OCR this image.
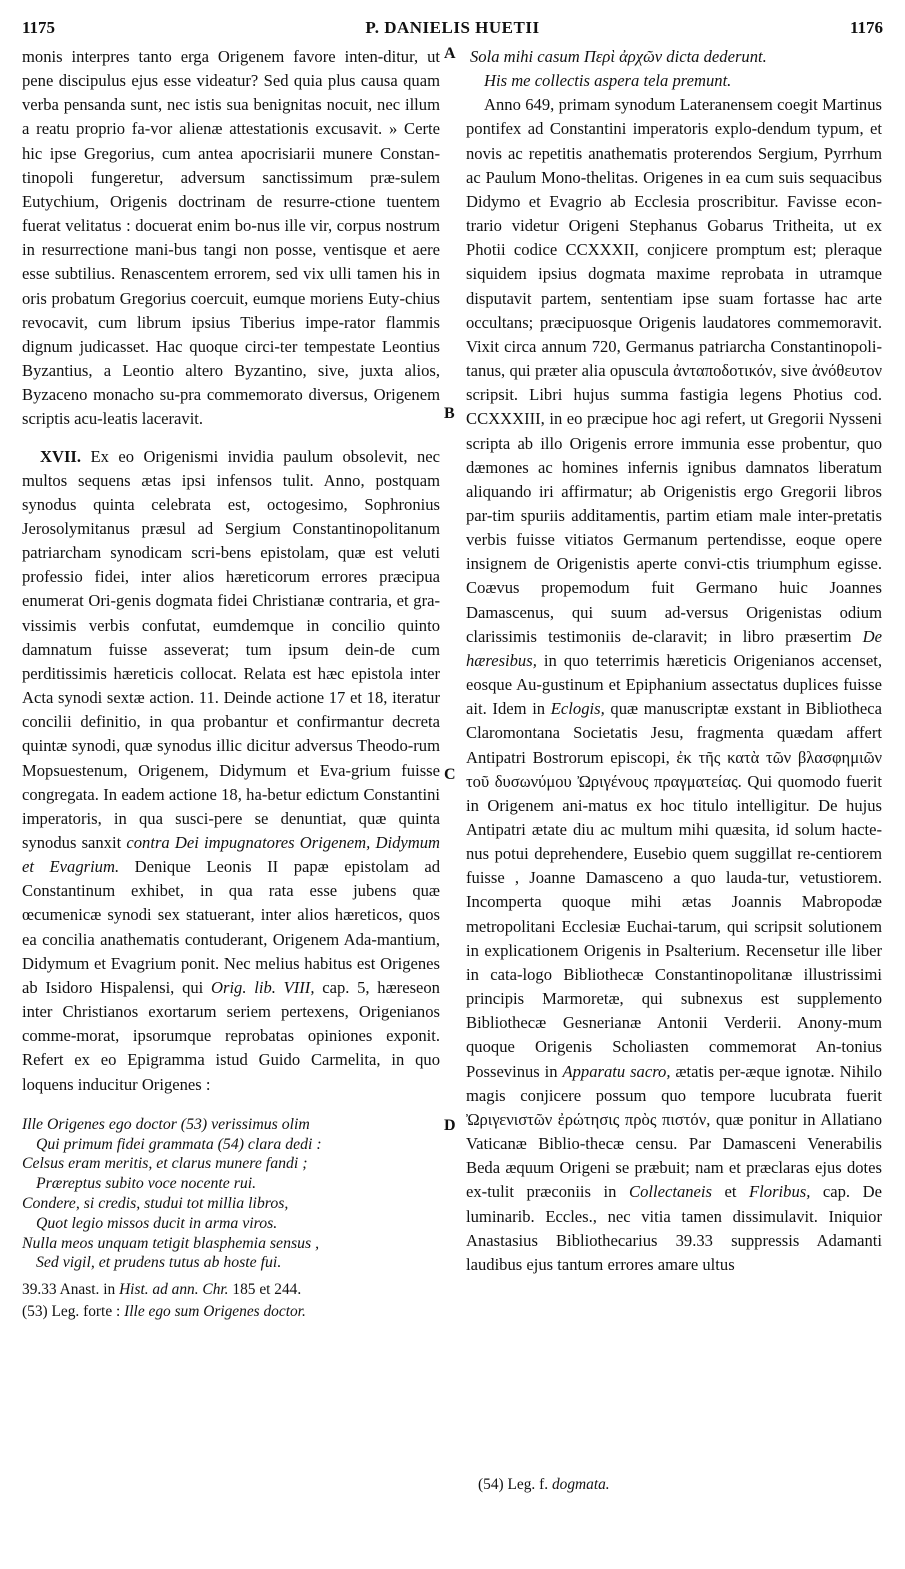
1175	P. DANIELIS HUETII	1176
A
B
C
D

monis interpres tanto erga Origenem favore inten-ditur, ut pene discipulus ejus esse videatur? Sed quia plus causa quam verba pensanda sunt, nec istis sua benignitas nocuit, nec illum a reatu proprio fa-vor alienæ attestationis excusavit. » Certe hic ipse Gregorius, cum antea apocrisiarii munere Constan-tinopoli fungeretur, adversum sanctissimum præ-sulem Eutychium, Origenis doctrinam de resurre-ctione tuentem fuerat velitatus : docuerat enim bo-nus ille vir, corpus nostrum in resurrectione mani-bus tangi non posse, ventisque et aere esse subtilius. Renascentem errorem, sed vix ulli tamen his in oris probatum Gregorius coercuit, eumque moriens Euty-chius revocavit, cum librum ipsius Tiberius impe-rator flammis dignum judicasset. Hac quoque circi-ter tempestate Leontius Byzantius, a Leontio altero Byzantino, sive, juxta alios, Byzaceno monacho su-pra commemorato diversus, Origenem scriptis acu-leatis laceravit.

XVII. Ex eo Origenismi invidia paulum obsolevit, nec multos sequens ætas ipsi infensos tulit. Anno, postquam synodus quinta celebrata est, octogesimo, Sophronius Jerosolymitanus præsul ad Sergium Constantinopolitanum patriarcham synodicam scri-bens epistolam, quæ est veluti professio fidei, inter alios hæreticorum errores præcipua enumerat Ori-genis dogmata fidei Christianæ contraria, et gra-vissimis verbis confutat, eumdemque in concilio quinto damnatum fuisse asseverat; tum ipsum dein-de cum perditissimis hæreticis collocat. Relata est hæc epistola inter Acta synodi sextæ action. 11. Deinde actione 17 et 18, iteratur concilii definitio, in qua probantur et confirmantur decreta quintæ synodi, quæ synodus illic dicitur adversus Theodo-rum Mopsuestenum, Origenem, Didymum et Eva-grium fuisse congregata. In eadem actione 18, ha-betur edictum Constantini imperatoris, in qua susci-pere se denuntiat, quæ quinta synodus sanxit contra Dei impugnatores Origenem, Didymum et Evagrium. Denique Leonis II papæ epistolam ad Constantinum exhibet, in qua rata esse jubens quæ œcumenicæ synodi sex statuerant, inter alios hæreticos, quos ea concilia anathematis contuderant, Origenem Ada-mantium, Didymum et Evagrium ponit. Nec melius habitus est Origenes ab Isidoro Hispalensi, qui Orig. lib. VIII, cap. 5, hæreseon inter Christianos exortarum seriem pertexens, Origenianos comme-morat, ipsorumque reprobatas opiniones exponit. Refert ex eo Epigramma istud Guido Carmelita, in quo loquens inducitur Origenes :

Ille Origenes ego doctor (53) verissimus olim
Qui primum fidei grammata (54) clara dedi :
Celsus eram meritis, et clarus munere fandi ;
Præreptus subito voce nocente rui.
Condere, si credis, studui tot millia libros,
Quot legio missos ducit in arma viros.
Nulla meos unquam tetigit blasphemia sensus ,
Sed vigil, et prudens tutus ab hoste fui.

39.33 Anast. in Hist. ad ann. Chr. 185 et 244.

(53) Leg. forte : Ille ego sum Origenes doctor.

Sola mihi casum Περὶ ἀρχῶν dicta dederunt.

His me collectis aspera tela premunt.

Anno 649, primam synodum Lateranensem coegit Martinus pontifex ad Constantini imperatoris explo-dendum typum, et novis ac repetitis anathematis proterendos Sergium, Pyrrhum ac Paulum Mono-thelitas. Origenes in ea cum suis sequacibus Didymo et Evagrio ab Ecclesia proscribitur. Favisse econ-trario videtur Origeni Stephanus Gobarus Tritheita, ut ex Photii codice CCXXXII, conjicere promptum est; pleraque siquidem ipsius dogmata maxime reprobata in utramque disputavit partem, sententiam ipse suam fortasse hac arte occultans; præcipuosque Origenis laudatores commemoravit. Vixit circa annum 720, Germanus patriarcha Constantinopoli-tanus, qui præter alia opuscula ἀνταποδοτικόν, sive ἀνόθευτον scripsit. Libri hujus summa fastigia legens Photius cod. CCXXXIII, in eo præcipue hoc agi refert, ut Gregorii Nysseni scripta ab illo Origenis errore immunia esse probentur, quo dæmones ac homines infernis ignibus damnatos liberatum aliquando iri affirmatur; ab Origenistis ergo Gregorii libros par-tim spuriis additamentis, partim etiam male inter-pretatis verbis fuisse vitiatos Germanum pertendisse, eoque opere insignem de Origenistis aperte convi-ctis triumphum egisse. Coævus propemodum fuit Germano huic Joannes Damascenus, qui suum ad-versus Origenistas odium clarissimis testimoniis de-claravit; in libro præsertim De hæresibus, in quo teterrimis hæreticis Origenianos accenset, eosque Au-gustinum et Epiphanium assectatus duplices fuisse ait. Idem in Eclogis, quæ manuscriptæ exstant in Bibliotheca Claromontana Societatis Jesu, fragmenta quædam affert Antipatri Bostrorum episcopi, ἐκ τῆς κατὰ τῶν βλασφημιῶν τοῦ δυσωνύμου Ὠριγένους πραγματείας. Qui quomodo fuerit in Origenem ani-matus ex hoc titulo intelligitur. De hujus Antipatri ætate diu ac multum mihi quæsita, id solum hacte-nus potui deprehendere, Eusebio quem suggillat re-centiorem fuisse , Joanne Damasceno a quo lauda-tur, vetustiorem. Incomperta quoque mihi ætas Joannis Mabropodæ metropolitani Ecclesiæ Euchai-tarum, qui scripsit solutionem in explicationem Origenis in Psalterium. Recensetur ille liber in cata-logo Bibliothecæ Constantinopolitanæ illustrissimi principis Marmoretæ, qui subnexus est supplemento Bibliothecæ Gesnerianæ Antonii Verderii. Anony-mum quoque Origenis Scholiasten commemorat An-tonius Possevinus in Apparatu sacro, ætatis per-æque ignotæ. Nihilo magis conjicere possum quo tempore lucubrata fuerit Ὠριγενιστῶν ἐρώτησις πρὸς πιστόν, quæ ponitur in Allatiano Vaticanæ Biblio-thecæ censu. Par Damasceni Venerabilis Beda æquum Origeni se præbuit; nam et præclaras ejus dotes ex-tulit præconiis in Collectaneis et Floribus, cap. De luminarib. Eccles., nec vitia tamen dissimulavit. Iniquior Anastasius Bibliothecarius 39.33 suppressis Adamanti laudibus ejus tantum errores amare ultus

(54) Leg. f. dogmata.
